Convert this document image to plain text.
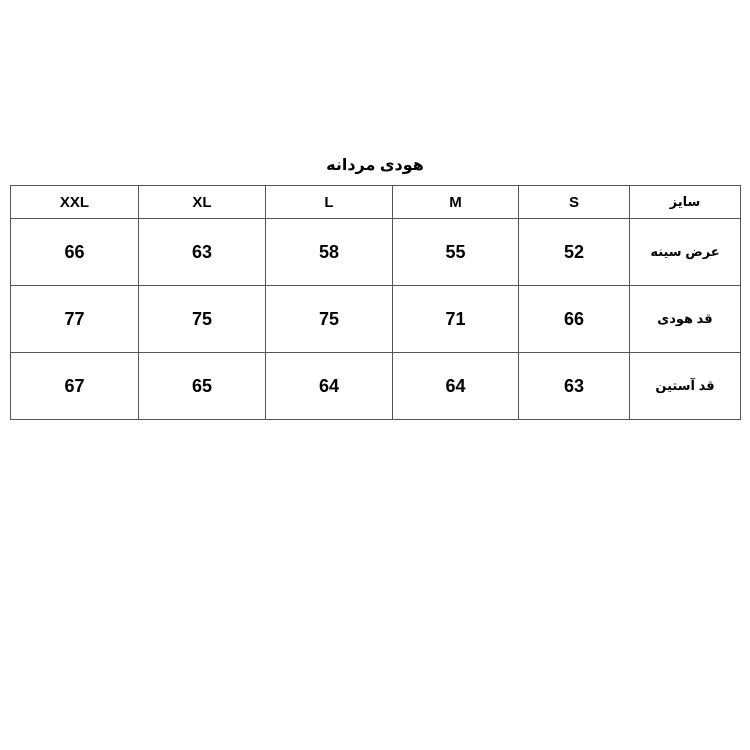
هودی مردانه
سایز	S	M	L	XL	XXL
عرض سینه	52	55	58	63	66
قد هودی	66	71	75	75	77
قد آستین	63	64	64	65	67
